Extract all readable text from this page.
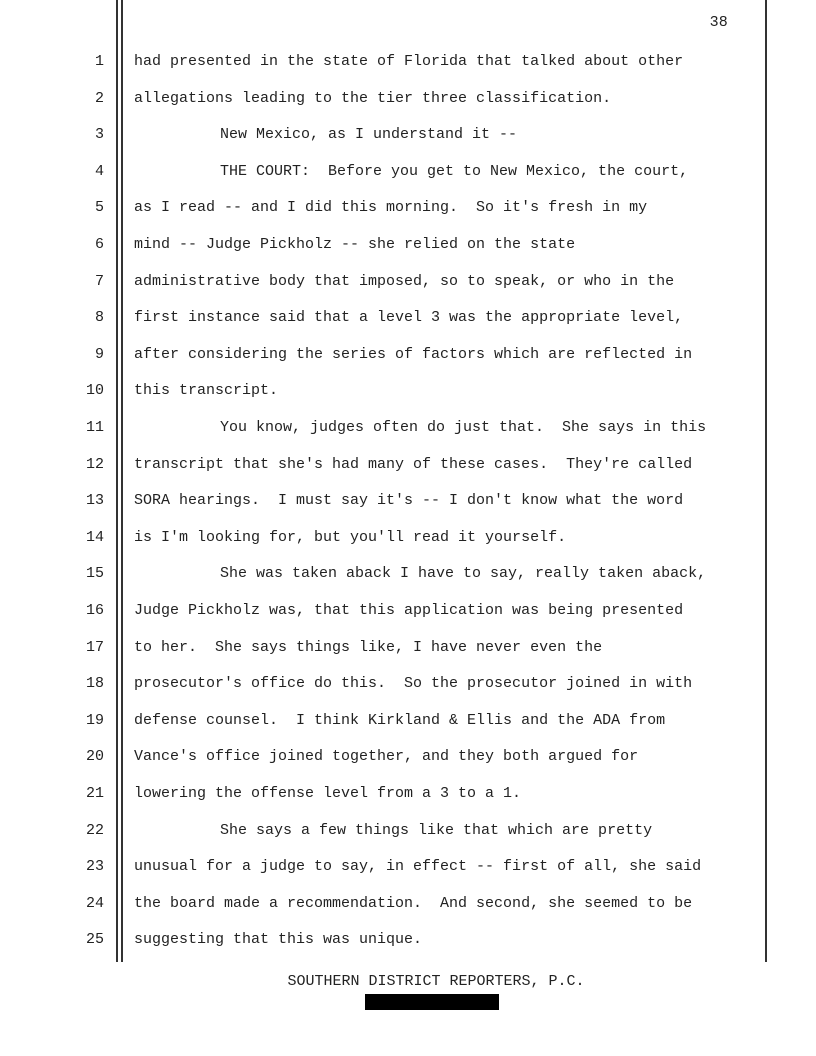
38
1 had presented in the state of Florida that talked about other
2 allegations leading to the tier three classification.
3	New Mexico, as I understand it --
4	THE COURT:  Before you get to New Mexico, the court,
5 as I read -- and I did this morning.  So it's fresh in my
6 mind -- Judge Pickholz -- she relied on the state
7 administrative body that imposed, so to speak, or who in the
8 first instance said that a level 3 was the appropriate level,
9 after considering the series of factors which are reflected in
10 this transcript.
11	You know, judges often do just that.  She says in this
12 transcript that she's had many of these cases.  They're called
13 SORA hearings.  I must say it's -- I don't know what the word
14 is I'm looking for, but you'll read it yourself.
15	She was taken aback I have to say, really taken aback,
16 Judge Pickholz was, that this application was being presented
17 to her.  She says things like, I have never even the
18 prosecutor's office do this.  So the prosecutor joined in with
19 defense counsel.  I think Kirkland & Ellis and the ADA from
20 Vance's office joined together, and they both argued for
21 lowering the offense level from a 3 to a 1.
22	She says a few things like that which are pretty
23 unusual for a judge to say, in effect -- first of all, she said
24 the board made a recommendation.  And second, she seemed to be
25 suggesting that this was unique.
SOUTHERN DISTRICT REPORTERS, P.C.
